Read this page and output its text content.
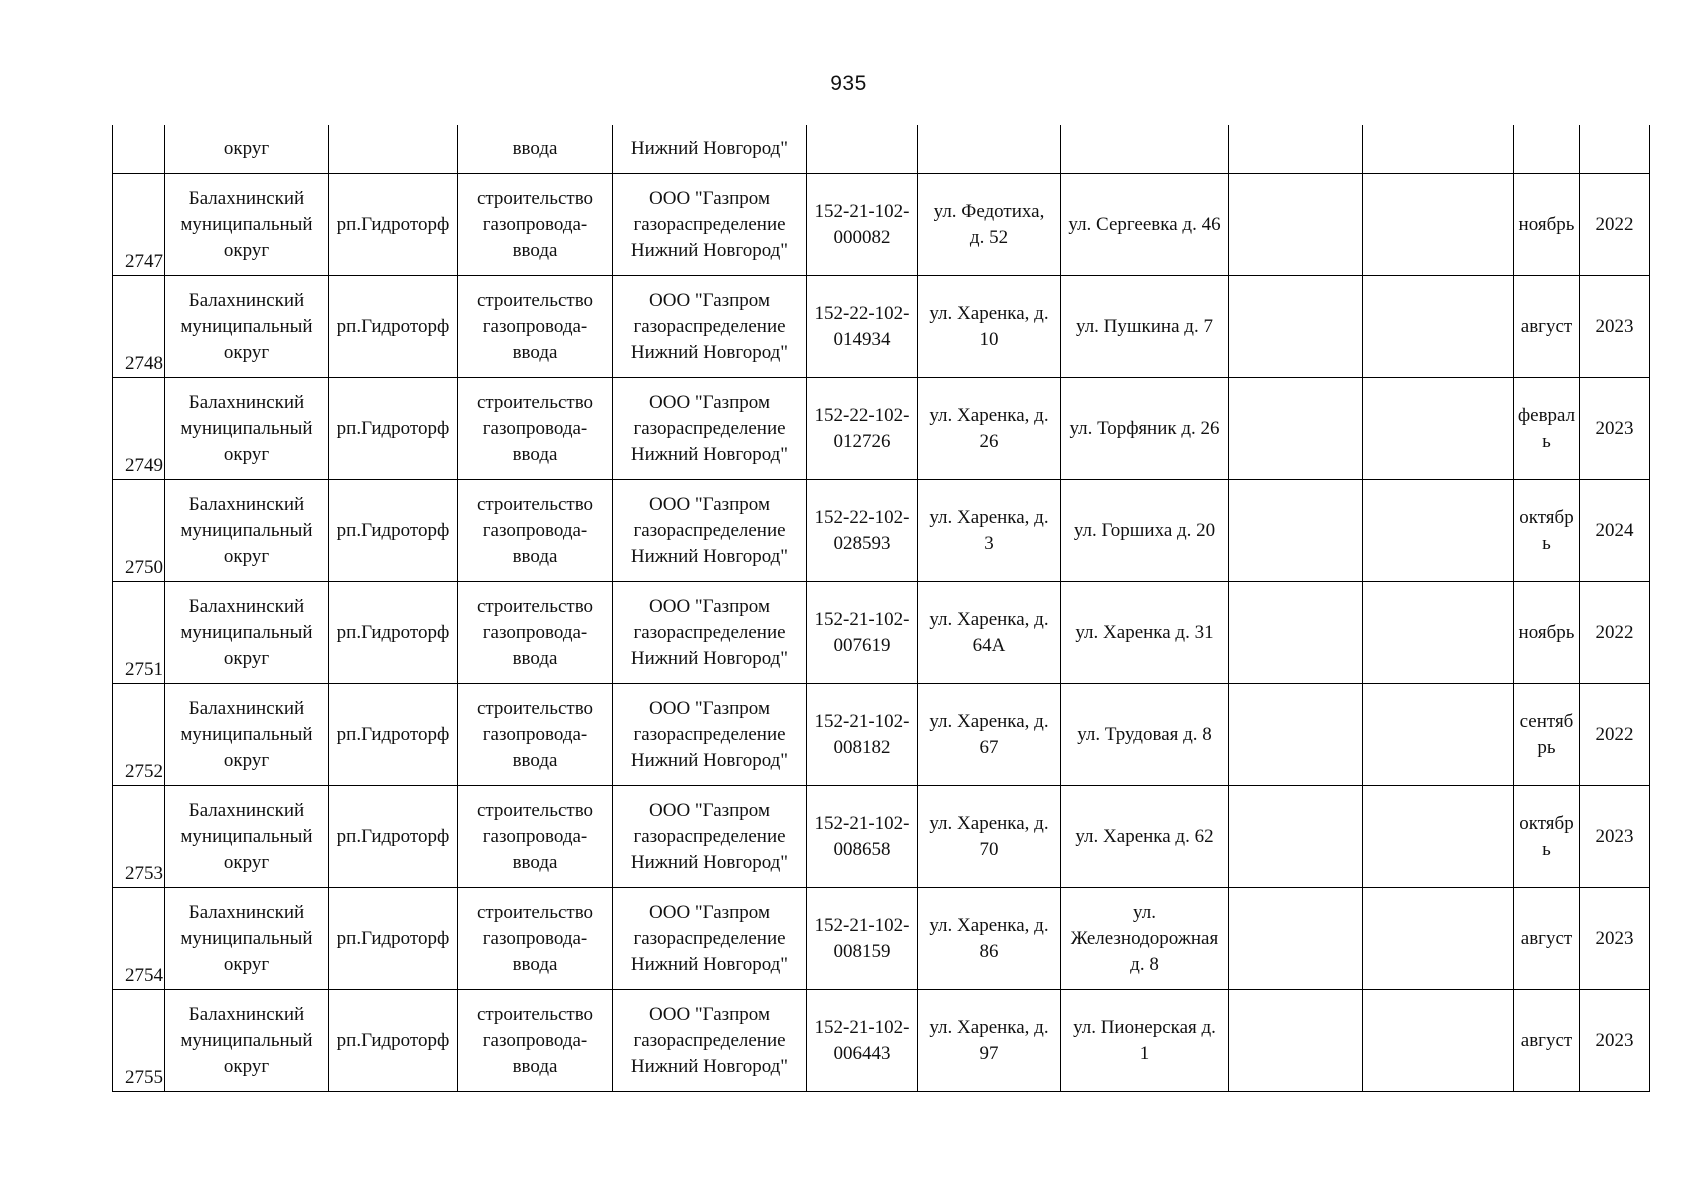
935
	округ		ввода	Нижний Новгород"							

2747	Балахнинский
муниципальный
округ	рп.Гидроторф	строительство
газопровода-
ввода	ООО "Газпром
газораспределение
Нижний Новгород"	152-21-102-
000082	ул. Федотиха,
д. 52	ул. Сергеевка д. 46			ноябрь	2022

2748	Балахнинский
муниципальный
округ	рп.Гидроторф	строительство
газопровода-
ввода	ООО "Газпром
газораспределение
Нижний Новгород"	152-22-102-
014934	ул. Харенка, д.
10	ул. Пушкина д. 7			август	2023

2749	Балахнинский
муниципальный
округ	рп.Гидроторф	строительство
газопровода-
ввода	ООО "Газпром
газораспределение
Нижний Новгород"	152-22-102-
012726	ул. Харенка, д.
26	ул. Торфяник д. 26			феврал
ь	2023

2750	Балахнинский
муниципальный
округ	рп.Гидроторф	строительство
газопровода-
ввода	ООО "Газпром
газораспределение
Нижний Новгород"	152-22-102-
028593	ул. Харенка, д.
3	ул. Горшиха д. 20			октябр
ь	2024

2751	Балахнинский
муниципальный
округ	рп.Гидроторф	строительство
газопровода-
ввода	ООО "Газпром
газораспределение
Нижний Новгород"	152-21-102-
007619	ул. Харенка, д.
64А	ул. Харенка д. 31			ноябрь	2022

2752	Балахнинский
муниципальный
округ	рп.Гидроторф	строительство
газопровода-
ввода	ООО "Газпром
газораспределение
Нижний Новгород"	152-21-102-
008182	ул. Харенка, д.
67	ул. Трудовая д. 8			сентяб
рь	2022

2753	Балахнинский
муниципальный
округ	рп.Гидроторф	строительство
газопровода-
ввода	ООО "Газпром
газораспределение
Нижний Новгород"	152-21-102-
008658	ул. Харенка, д.
70	ул. Харенка д. 62			октябр
ь	2023

2754	Балахнинский
муниципальный
округ	рп.Гидроторф	строительство
газопровода-
ввода	ООО "Газпром
газораспределение
Нижний Новгород"	152-21-102-
008159	ул. Харенка, д.
86	ул.
Железнодорожная
д. 8			август	2023

2755	Балахнинский
муниципальный
округ	рп.Гидроторф	строительство
газопровода-
ввода	ООО "Газпром
газораспределение
Нижний Новгород"	152-21-102-
006443	ул. Харенка, д.
97	ул. Пионерская д.
1			август	2023
